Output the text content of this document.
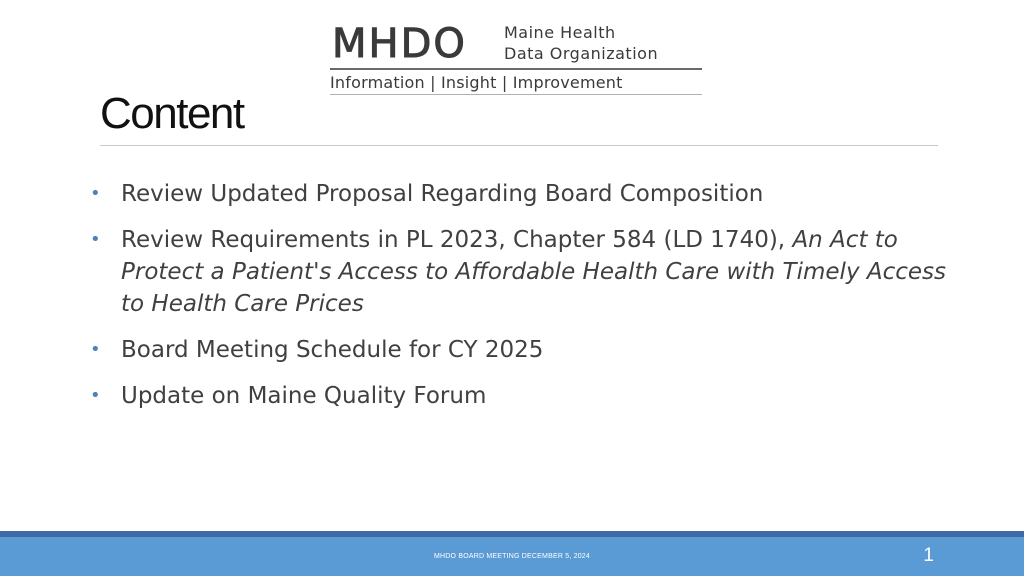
MHDO Maine Health
Data Organization
Information | Insight | Improvement
Content
• Review Updated Proposal Regarding Board Composition
• Review Requirements in PL 2023, Chapter 584 (LD 1740), An Act to Protect a Patient's Access to Affordable Health Care with Timely Access to Health Care Prices
• Board Meeting Schedule for CY 2025
• Update on Maine Quality Forum
MHDO BOARD MEETING DECEMBER 5, 2024	1
